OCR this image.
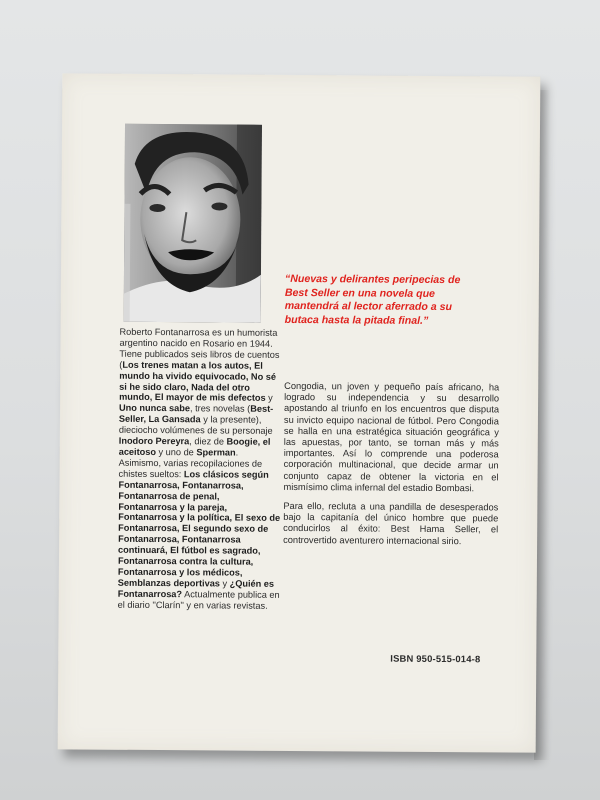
Roberto Fontanarrosa es un humorista argentino nacido en Rosario en 1944. Tiene publicados seis libros de cuentos (Los trenes matan a los autos, El mundo ha vivido equivocado, No sé si he sido claro, Nada del otro mundo, El mayor de mis defectos y Uno nunca sabe, tres novelas (Best-Seller, La Gansada y la presente), dieciocho volúmenes de su personaje Inodoro Pereyra, diez de Boogie, el aceitoso y uno de Sperman. Asimismo, varias recopilaciones de chistes sueltos: Los clásicos según Fontanarrosa, Fontanarrosa, Fontanarrosa de penal, Fontanarrosa y la pareja, Fontanarrosa y la política, El sexo de Fontanarrosa, El segundo sexo de Fontanarrosa, Fontanarrosa continuará, El fútbol es sagrado, Fontanarrosa contra la cultura, Fontanarrosa y los médicos, Semblanzas deportivas y ¿Quién es Fontanarrosa? Actualmente publica en el diario ''Clarín'' y en varias revistas.

“Nuevas y delirantes peripecias de Best Seller en una novela que mantendrá al lector aferrado a su butaca hasta la pitada final.”

Congodia, un joven y pequeño país africano, ha logrado su independencia y su desarrollo apostando al triunfo en los encuentros que disputa su invicto equipo nacional de fútbol. Pero Congodia se halla en una estratégica situación geográfica y las apuestas, por tanto, se tornan más y más importantes. Así lo comprende una poderosa corporación multinacional, que decide armar un conjunto capaz de obtener la victoria en el mismísimo clima infernal del estadio Bombasi.

Para ello, recluta a una pandilla de desesperados bajo la capitanía del único hombre que puede conducirlos al éxito: Best Hama Seller, el controvertido aventurero internacional sirio.

ISBN 950-515-014-8
